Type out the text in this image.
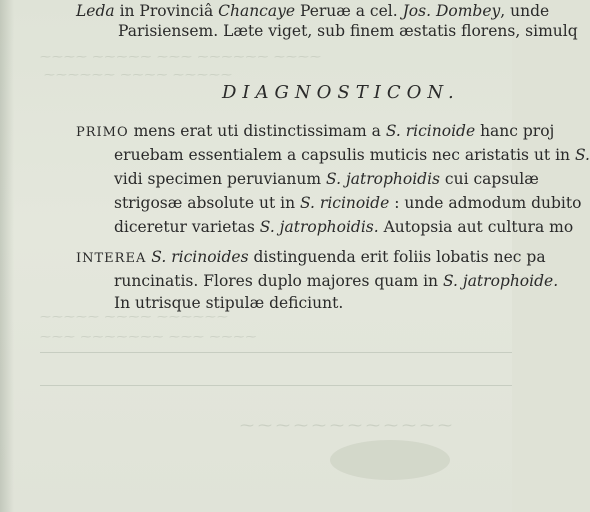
⁓⁓⁓⁓ ⁓⁓⁓⁓⁓ ⁓⁓⁓ ⁓⁓⁓⁓⁓⁓ ⁓⁓⁓⁓
⁓⁓⁓⁓⁓⁓ ⁓⁓⁓⁓ ⁓⁓⁓⁓⁓
⁓⁓⁓⁓⁓ ⁓⁓⁓⁓ ⁓⁓⁓⁓⁓⁓
⁓⁓⁓ ⁓⁓⁓⁓⁓⁓⁓ ⁓⁓⁓ ⁓⁓⁓⁓
⁓⁓⁓⁓⁓⁓⁓⁓⁓⁓⁓⁓
Leda in Provinciâ Chancaye Peruæ a cel. Jos. Dombey, unde
Parisiensem. Læte viget, sub finem æstatis florens, simulq
DIAGNOSTICON.
PRIMO mens erat uti distinctissimam a S. ricinoide hanc proj
eruebam essentialem a capsulis muticis nec aristatis ut in S.
vidi specimen peruvianum S. jatrophoidis cui capsulæ
strigosæ absolute ut in S. ricinoide : unde admodum dubito
diceretur varietas S. jatrophoidis. Autopsia aut cultura mo
INTEREA S. ricinoides distinguenda erit foliis lobatis nec pa
runcinatis. Flores duplo majores quam in S. jatrophoide.
In utrisque stipulæ deficiunt.
